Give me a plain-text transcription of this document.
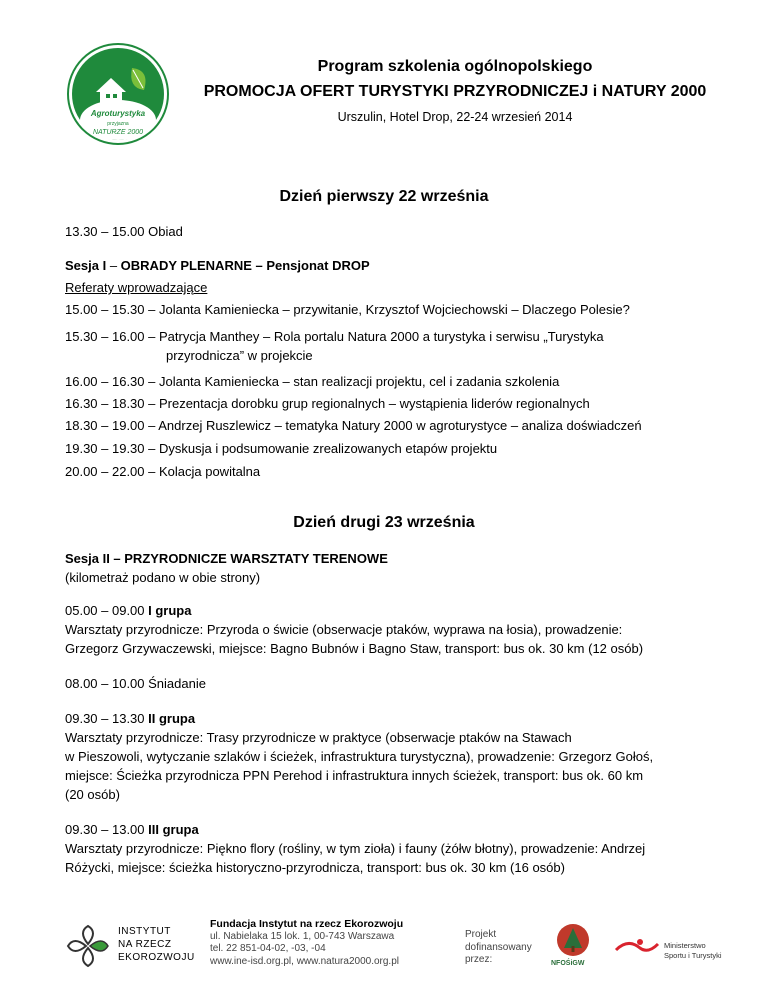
Agroturystyka
przyjazna
NATURZE 2000
Program szkolenia ogólnopolskiego
PROMOCJA OFERT TURYSTYKI PRZYRODNICZEJ i NATURY 2000
Urszulin, Hotel Drop, 22-24 wrzesień 2014
Dzień pierwszy 22 września
13.30 – 15.00 Obiad
Sesja I – OBRADY PLENARNE – Pensjonat DROP
Referaty wprowadzające
15.00 – 15.30 – Jolanta Kamieniecka – przywitanie, Krzysztof Wojciechowski – Dlaczego Polesie?
15.30 – 16.00 – Patrycja Manthey – Rola portalu Natura 2000 a turystyka i serwisu „Turystyka
przyrodnicza” w projekcie
16.00 – 16.30 – Jolanta Kamieniecka – stan realizacji projektu, cel i zadania szkolenia
16.30 – 18.30 – Prezentacja dorobku grup regionalnych – wystąpienia liderów regionalnych
18.30 – 19.00 – Andrzej Ruszlewicz – tematyka Natury 2000 w agroturystyce – analiza doświadczeń
19.30 – 19.30 – Dyskusja i podsumowanie zrealizowanych etapów projektu
20.00 – 22.00 – Kolacja powitalna
Dzień drugi 23 września
Sesja II – PRZYRODNICZE WARSZTATY TERENOWE
(kilometraż podano w obie strony)
05.00 – 09.00 I grupa
Warsztaty przyrodnicze: Przyroda o świcie (obserwacje ptaków, wyprawa na łosia), prowadzenie:
Grzegorz Grzywaczewski, miejsce: Bagno Bubnów i Bagno Staw, transport: bus ok. 30 km (12 osób)
08.00 – 10.00 Śniadanie
09.30 – 13.30 II grupa
Warsztaty przyrodnicze: Trasy przyrodnicze w praktyce (obserwacje ptaków na Stawach
w Pieszowoli, wytyczanie szlaków i ścieżek, infrastruktura turystyczna), prowadzenie: Grzegorz Gołoś,
miejsce: Ścieżka przyrodnicza PPN Perehod i infrastruktura innych ścieżek, transport: bus ok. 60 km
(20 osób)
09.30 – 13.00 III grupa
Warsztaty przyrodnicze: Piękno flory (rośliny, w tym zioła) i fauny (żółw błotny), prowadzenie: Andrzej
Różycki, miejsce: ścieżka historyczno-przyrodnicza, transport: bus ok. 30 km (16 osób)
INSTYTUT
NA RZECZ
EKOROZWOJU
Fundacja Instytut na rzecz Ekorozwoju
ul. Nabielaka 15 lok. 1, 00-743 Warszawa
tel. 22 851-04-02, -03, -04
www.ine-isd.org.pl, www.natura2000.org.pl
Projekt
dofinansowany
przez:	NFOŚiGW
Ministerstwo
Sportu i Turystyki
